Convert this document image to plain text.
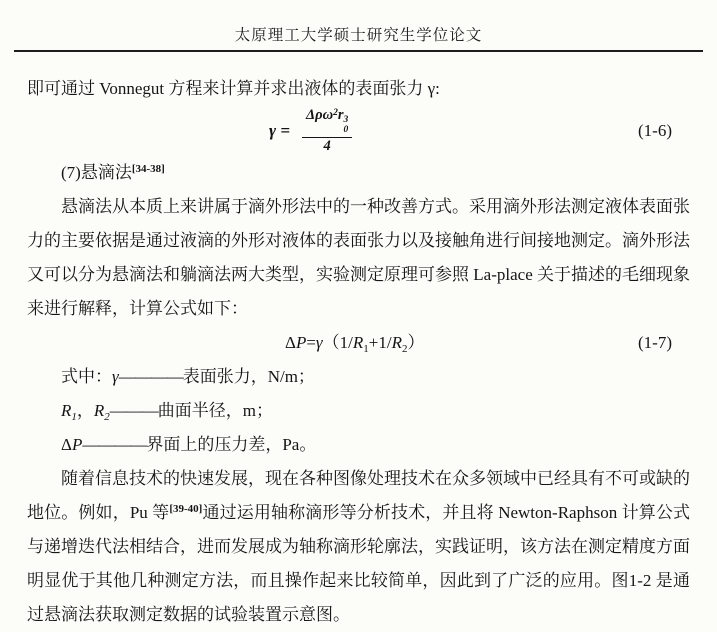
太原理工大学硕士研究生学位论文

即可通过 Vonnegut 方程来计算并求出液体的表面张力 γ:

γ = Δρω$^2$r 3
0
4	(1-6)

(7)悬滴法[34-38]

悬滴法从本质上来讲属于滴外形法中的一种改善方式。采用滴外形法测定液体表面张力的主要依据是通过液滴的外形对液体的表面张力以及接触角进行间接地测定。滴外形法又可以分为悬滴法和躺滴法两大类型，实验测定原理可参照 La-place 关于描述的毛细现象来进行解释，计算公式如下：

$\Delta P=\gamma(1/R_1+1/R_2)$	(1-7)

式中：γ————表面张力，N/m；

$R_1$，$R_2———$曲面半径，m；

ΔP————界面上的压力差，Pa。

随着信息技术的快速发展，现在各种图像处理技术在众多领域中已经具有不可或缺的地位。例如，Pu 等[39-40]通过运用轴称滴形等分析技术，并且将 Newton-Raphson 计算公式与递增迭代法相结合，进而发展成为轴称滴形轮廓法，实践证明，该方法在测定精度方面明显优于其他几种测定方法，而且操作起来比较简单，因此到了广泛的应用。图1-2 是通过悬滴法获取测定数据的试验装置示意图。
